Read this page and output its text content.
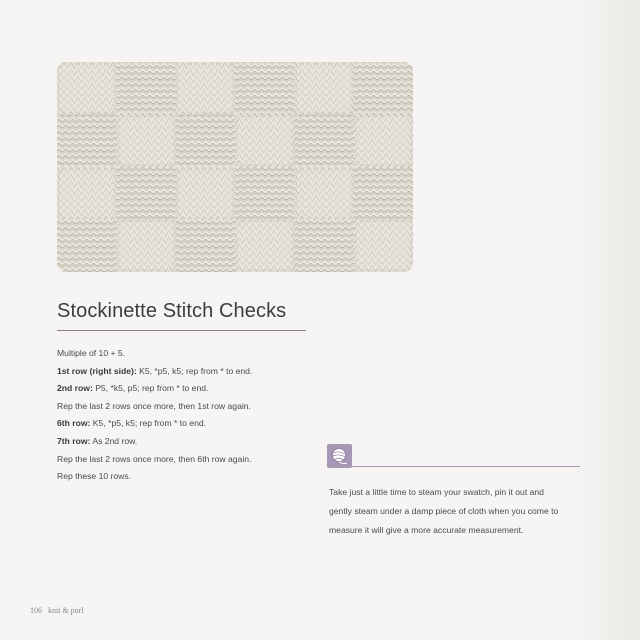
Stockinette Stitch Checks
Multiple of 10 + 5.
1st row (right side): K5, *p5, k5; rep from * to end.
2nd row: P5, *k5, p5; rep from * to end.
Rep the last 2 rows once more, then 1st row again.
6th row: K5, *p5, k5; rep from * to end.
7th row: As 2nd row.
Rep the last 2 rows once more, then 6th row again.
Rep these 10 rows.
Take just a little time to steam your swatch, pin it out and
gently steam under a damp piece of cloth when you come to
measure it will give a more accurate measurement.
106 knit & purl
